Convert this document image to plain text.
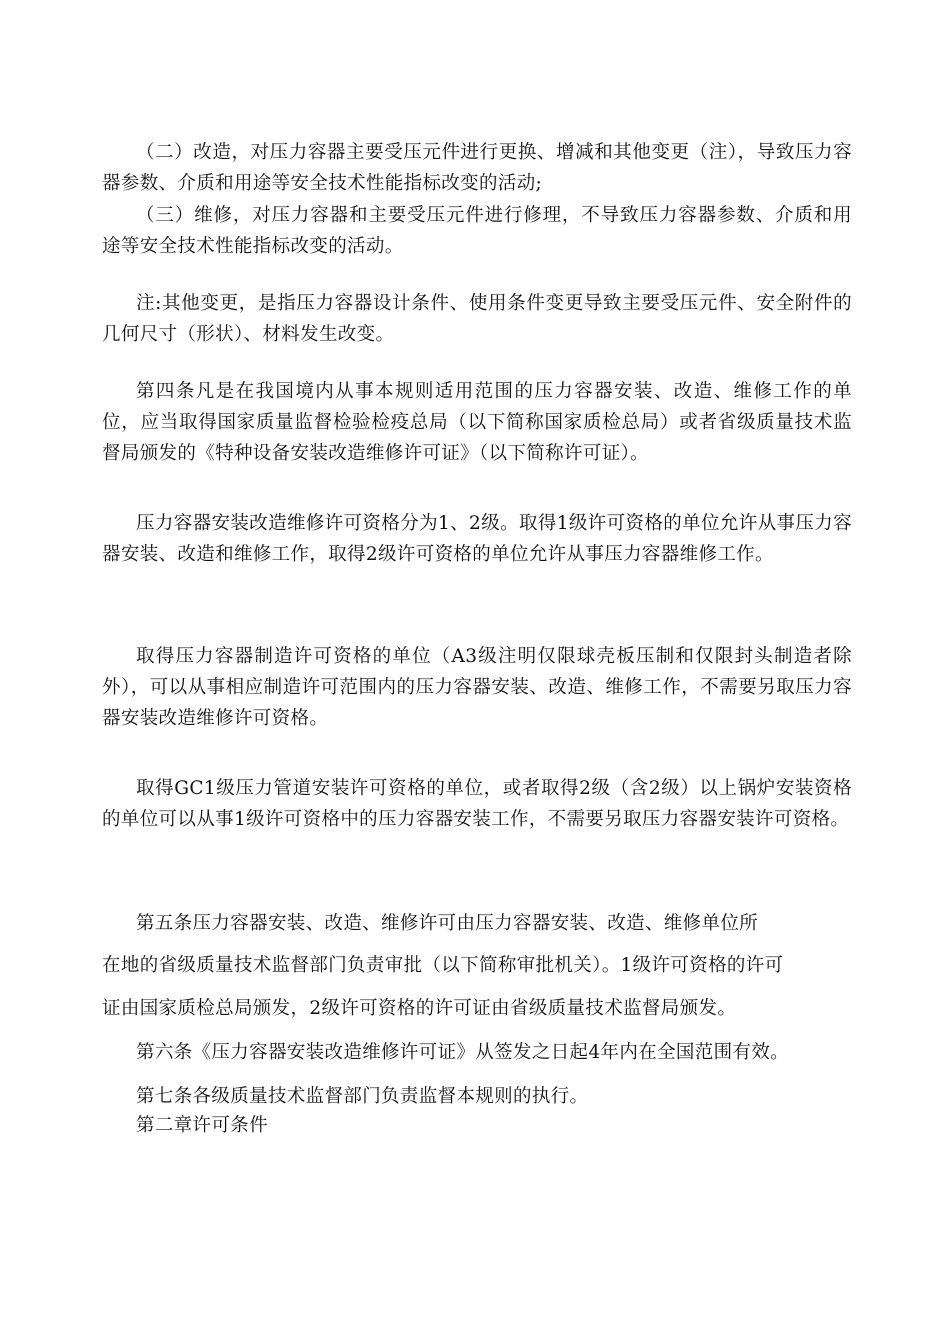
（二）改造，对压力容器主要受压元件进行更换、增减和其他变更（注），导致压力容器参数、介质和用途等安全技术性能指标改变的活动;

（三）维修，对压力容器和主要受压元件进行修理，不导致压力容器参数、介质和用途等安全技术性能指标改变的活动。

注:其他变更，是指压力容器设计条件、使用条件变更导致主要受压元件、安全附件的几何尺寸（形状）、材料发生改变。

第四条凡是在我国境内从事本规则适用范围的压力容器安装、改造、维修工作的单位，应当取得国家质量监督检验检疫总局（以下简称国家质检总局）或者省级质量技术监督局颁发的《特种设备安装改造维修许可证》（以下简称许可证）。

压力容器安装改造维修许可资格分为1、2级。取得1级许可资格的单位允许从事压力容器安装、改造和维修工作，取得2级许可资格的单位允许从事压力容器维修工作。

取得压力容器制造许可资格的单位（A3级注明仅限球壳板压制和仅限封头制造者除外），可以从事相应制造许可范围内的压力容器安装、改造、维修工作，不需要另取压力容器安装改造维修许可资格。

取得GC1级压力管道安装许可资格的单位，或者取得2级（含2级）以上锅炉安装资格的单位可以从事1级许可资格中的压力容器安装工作，不需要另取压力容器安装许可资格。

第五条压力容器安装、改造、维修许可由压力容器安装、改造、维修单位所

在地的省级质量技术监督部门负责审批（以下简称审批机关）。1级许可资格的许可

证由国家质检总局颁发，2级许可资格的许可证由省级质量技术监督局颁发。

第六条《压力容器安装改造维修许可证》从签发之日起4年内在全国范围有效。

第七条各级质量技术监督部门负责监督本规则的执行。

第二章许可条件
